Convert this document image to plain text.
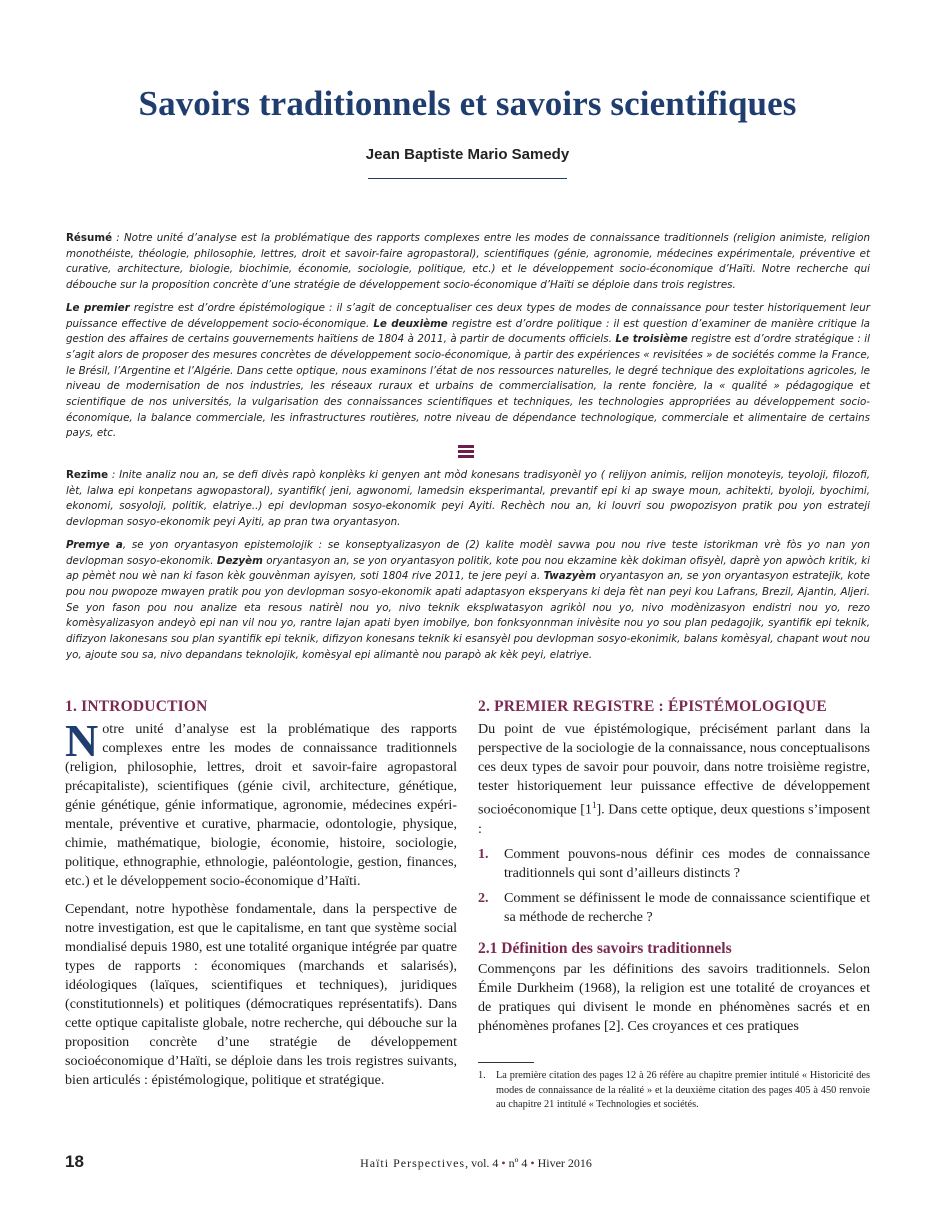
Savoirs traditionnels et savoirs scientifiques
Jean Baptiste Mario Samedy

Résumé : Notre unité d’analyse est la problématique des rapports complexes entre les modes de connaissance traditionnels (religion animiste, religion monothéiste, théologie, philosophie, lettres, droit et savoir-faire agropastoral), scientifiques (génie, agronomie, médecines expérimentale, préventive et curative, architecture, biologie, biochimie, économie, sociologie, politique, etc.) et le développement socio-économique d’Haïti. Notre recherche qui débouche sur la proposition concrète d’une stratégie de développement socio-économique d’Haïti se déploie dans trois registres.

Le premier registre est d’ordre épistémologique : il s’agit de conceptualiser ces deux types de modes de connaissance pour tester historiquement leur puissance effective de développement socio-économique. Le deuxième registre est d’ordre politique : il est question d’examiner de manière critique la gestion des affaires de certains gouvernements haïtiens de 1804 à 2011, à partir de documents officiels. Le troisième registre est d’ordre stratégique : il s’agit alors de proposer des mesures concrètes de développement socio-économique, à partir des expériences « revisitées » de sociétés comme la France, le Brésil, l’Argentine et l’Algérie. Dans cette optique, nous examinons l’état de nos ressources naturelles, le degré technique des exploitations agricoles, le niveau de modernisation de nos industries, les réseaux ruraux et urbains de commercialisation, la rente foncière, la « qualité » pédagogique et scientifique de nos universités, la vulgarisation des connaissances scientifiques et techniques, les technologies appropriées au développement socio-économique, la balance commerciale, les infrastructures routières, notre niveau de dépendance technologique, commerciale et alimentaire de certains pays, etc.

Rezime : Inite analiz nou an, se defi divès rapò konplèks ki genyen ant mòd konesans tradisyonèl yo ( relijyon animis, relijon monoteyis, teyoloji, filozofi, lèt, lalwa epi konpetans agwopastoral), syantifik( jeni, agwonomi, lamedsin eksperimantal, prevantif epi ki ap swaye moun, achitekti, byoloji, byochimi, ekonomi, sosyoloji, politik, elatriye..) epi devlopman sosyo-ekonomik peyi Ayiti. Rechèch nou an, ki louvri sou pwopozisyon pratik pou yon estrateji devlopman sosyo-ekonomik peyi Ayiti, ap pran twa oryantasyon.

Premye a, se yon oryantasyon epistemolojik : se konseptyalizasyon de (2) kalite modèl savwa pou nou rive teste istorikman vrè fòs yo nan yon devlopman sosyo-ekonomik. Dezyèm oryantasyon an, se yon oryantasyon politik, kote pou nou ekzamine kèk dokiman ofisyèl, daprè yon apwòch kritik, ki ap pèmèt nou wè nan ki fason kèk gouvènman ayisyen, soti 1804 rive 2011, te jere peyi a. Twazyèm oryantasyon an, se yon oryantasyon estratejik, kote pou nou pwopoze mwayen pratik pou yon devlopman sosyo-ekonomik apati adaptasyon eksperyans ki deja fèt nan peyi kou Lafrans, Brezil, Ajantin, Aljeri. Se yon fason pou nou analize eta resous natirèl nou yo, nivo teknik eksplwatasyon agrikòl nou yo, nivo modènizasyon endistri nou yo, rezo komèsyalizasyon andeyò epi nan vil nou yo, rantre lajan apati byen imobilye, bon fonksyonnman inivèsite nou yo sou plan pedagojik, syantifik epi teknik, difizyon lakonesans sou plan syantifik epi teknik, difizyon konesans teknik ki esansyèl pou devlopman sosyo-ekonimik, balans komèsyal, chapant wout nou yo, ajoute sou sa, nivo depandans teknolojik, komèsyal epi alimantè nou parapò ak kèk peyi, elatriye.

1. INTRODUCTION

Notre unité d’analyse est la problématique des rapports complexes entre les modes de connaissance traditionnels (religion, philosophie, lettres, droit et savoir-faire agropastoral précapitaliste), scientifiques (génie civil, architecture, génétique, génie génétique, génie informatique, agronomie, médecines expéri-mentale, préventive et curative, pharmacie, odontologie, physique, chimie, mathématique, biologie, économie, histoire, sociologie, politique, ethnographie, ethnologie, paléontologie, gestion, finances, etc.) et le développement socio-économique d’Haïti.

Cependant, notre hypothèse fondamentale, dans la perspective de notre investigation, est que le capitalisme, en tant que système social mondialisé depuis 1980, est une totalité organique intégrée par quatre types de rapports : économiques (marchands et salarisés), idéologiques (laïques, scientifiques et techniques), juridiques (constitutionnels) et politiques (démocratiques représentatifs). Dans cette optique capitaliste globale, notre recherche, qui débouche sur la proposition concrète d’une stratégie de développement socioéconomique d’Haïti, se déploie dans les trois registres suivants, bien articulés : épistémologique, politique et stratégique.

2. PREMIER REGISTRE : ÉPISTÉMOLOGIQUE

Du point de vue épistémologique, précisément parlant dans la perspective de la sociologie de la connaissance, nous conceptualisons ces deux types de savoir pour pouvoir, dans notre troisième registre, tester historiquement leur puissance effective de développement socioéconomique $[1^1]$. Dans cette optique, deux questions s’imposent :

1. Comment pouvons-nous définir ces modes de connaissance traditionnels qui sont d’ailleurs distincts ?
2. Comment se définissent le mode de connaissance scientifique et sa méthode de recherche ?
2.1 Définition des savoirs traditionnels

Commençons par les définitions des savoirs traditionnels. Selon Émile Durkheim (1968), la religion est une totalité de croyances et de pratiques qui divisent le monde en phénomènes sacrés et en phénomènes profanes [2]. Ces croyances et ces pratiques

1. La première citation des pages 12 à 26 réfère au chapitre premier intitulé « Historicité des modes de connaissance de la réalité » et la deuxième citation des pages 405 à 450 renvoie au chapitre 21 intitulé « Technologies et sociétés.
18	Haïti Perspectives, vol. 4 • nº 4 • Hiver 2016
